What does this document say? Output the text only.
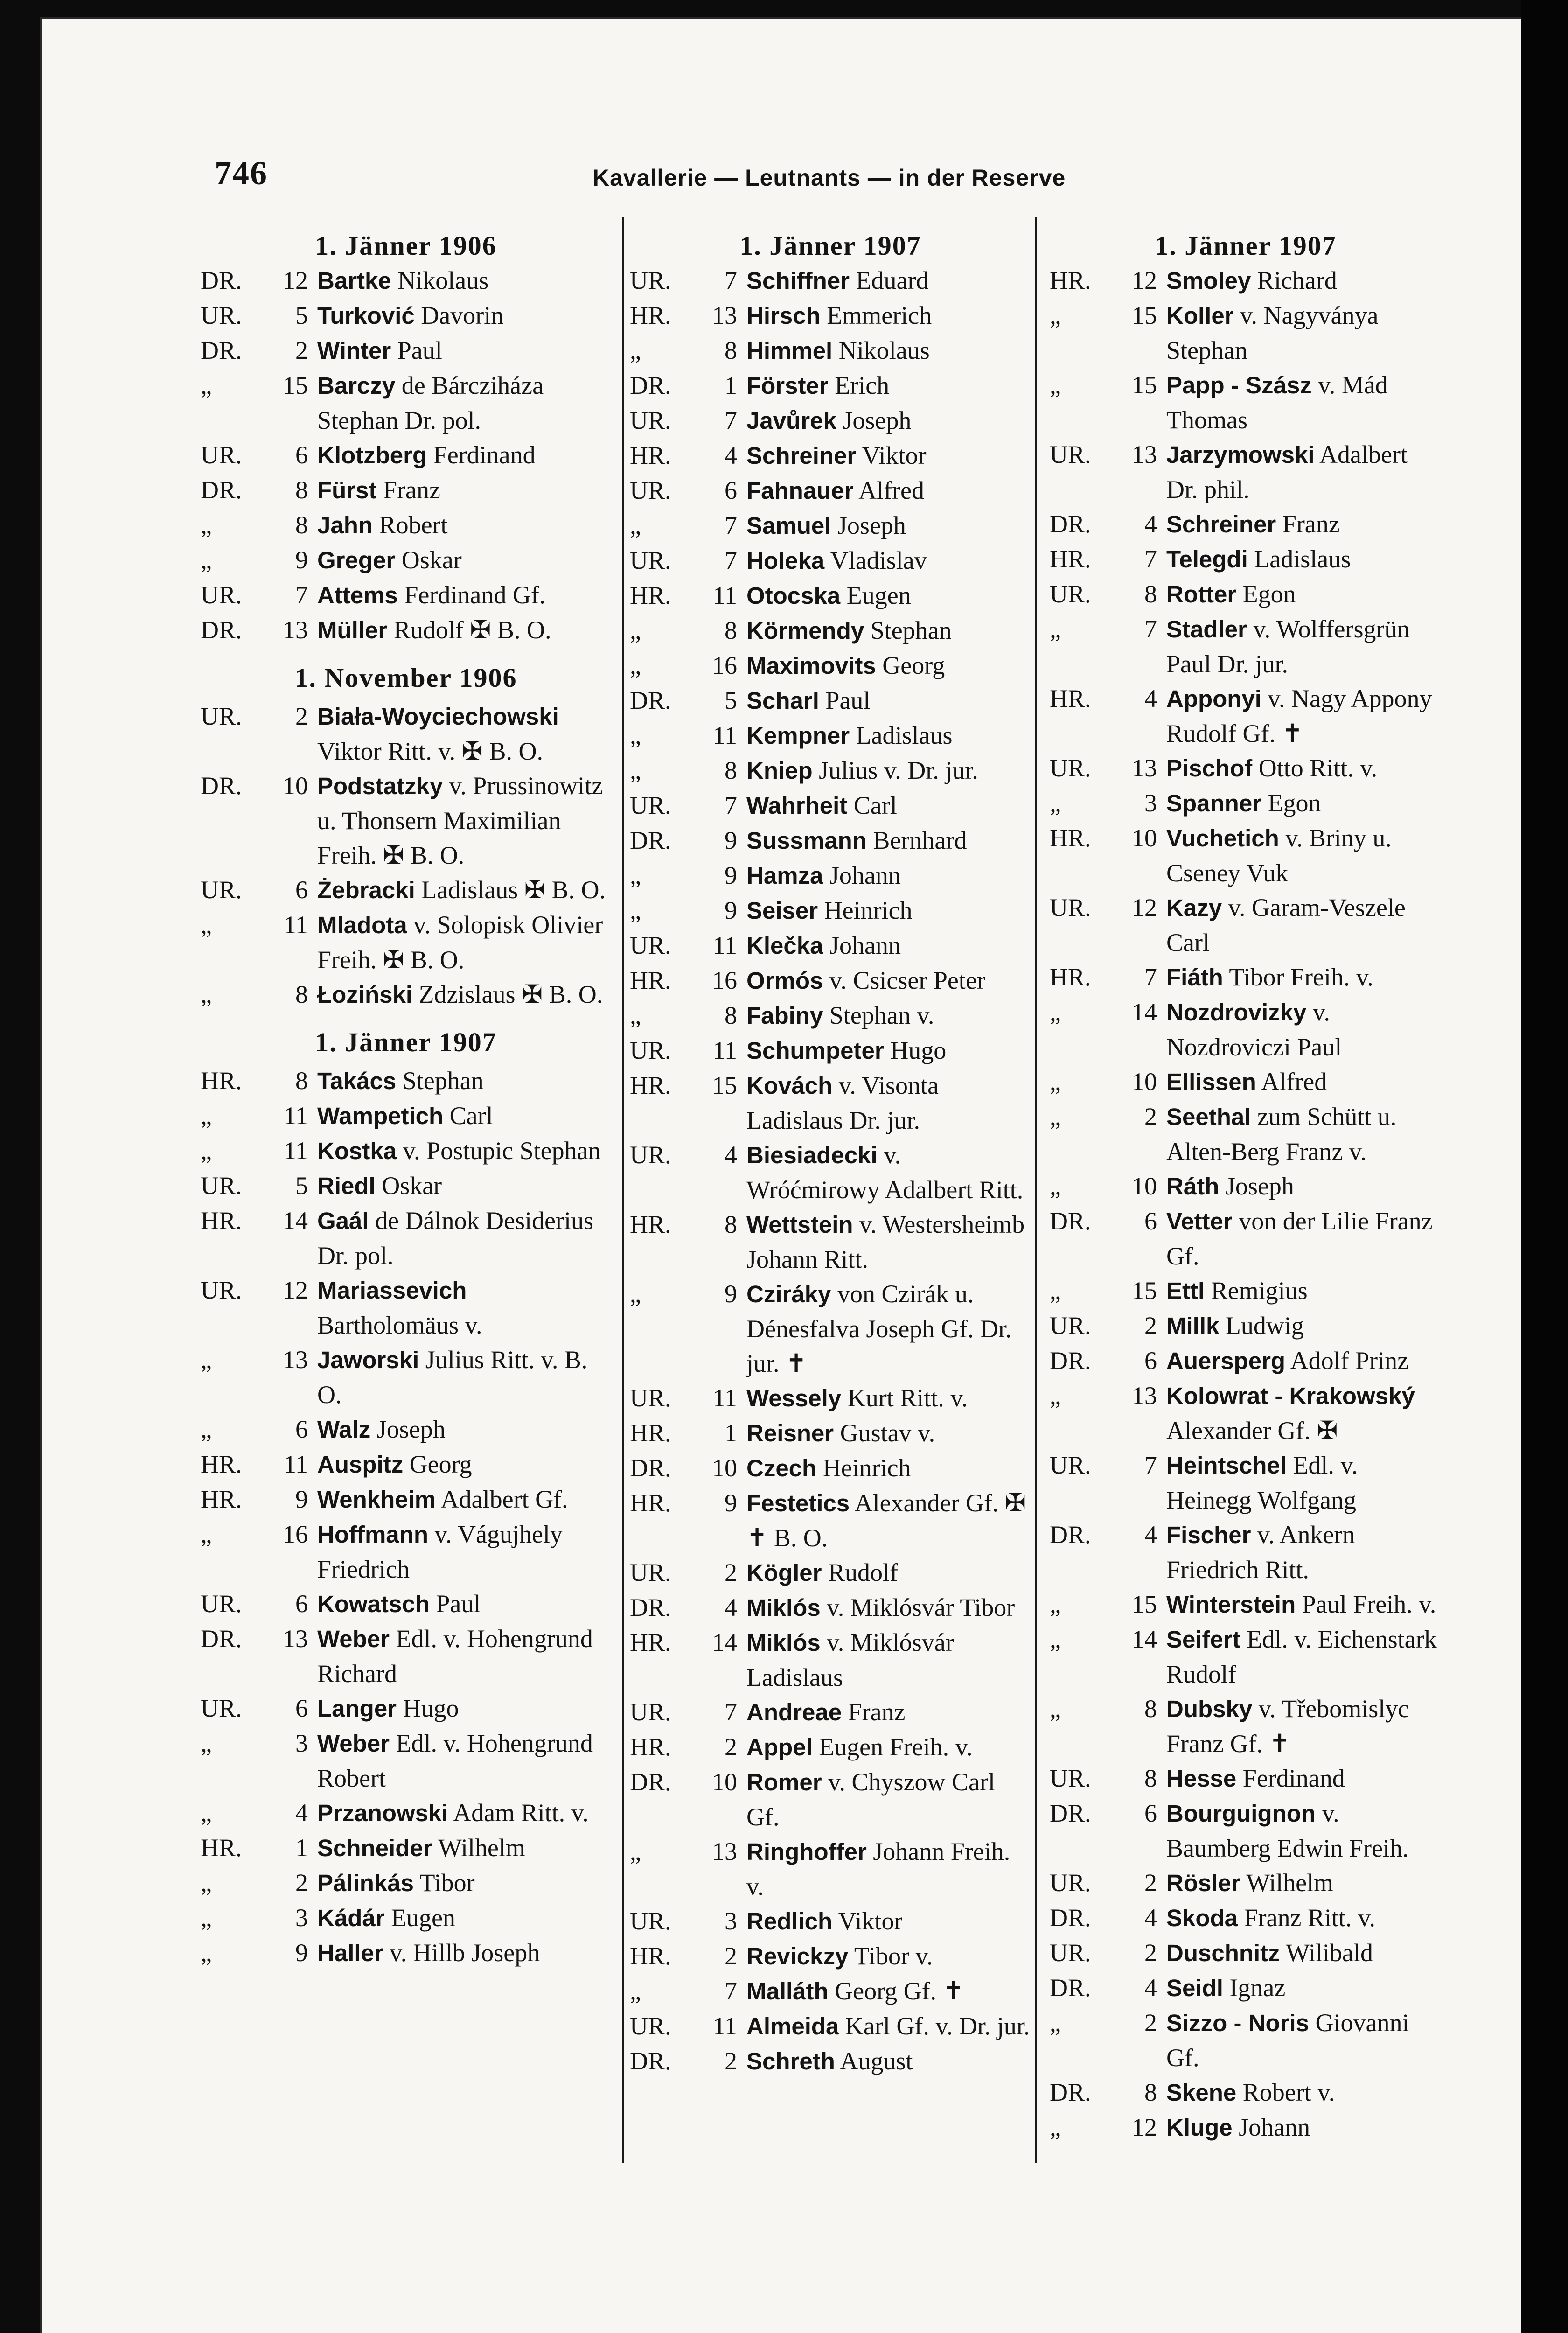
746	Kavallerie — Leutnants — in der Reserve
1. Jänner 1906
DR.	12 Bartke Nikolaus
UR.	5 Turković Davorin
DR.	2 Winter Paul
„	15 Barczy de Bárcziháza Stephan Dr. pol.
UR.	6 Klotzberg Ferdinand
DR.	8 Fürst Franz
„	8 Jahn Robert
„	9 Greger Oskar
UR.	7 Attems Ferdinand Gf.
DR.	13 Müller Rudolf ✠ B. O.
1. November 1906
UR.	2 Biała-Woyciechowski Viktor Ritt. v. ✠ B. O.
DR.	10 Podstatzky v. Prussinowitz u. Thonsern Maximilian Freih. ✠ B. O.
UR.	6 Żebracki Ladislaus ✠ B. O.
„	11 Mladota v. Solopisk Olivier Freih. ✠ B. O.
„	8 Łoziński Zdzislaus ✠ B. O.
1. Jänner 1907
HR.	8 Takács Stephan
„	11 Wampetich Carl
„	11 Kostka v. Postupic Stephan
UR.	5 Riedl Oskar
HR.	14 Gaál de Dálnok Desiderius Dr. pol.
UR.	12 Mariassevich Bartholomäus v.
„	13 Jaworski Julius Ritt. v. B. O.
„	6 Walz Joseph
HR.	11 Auspitz Georg
HR.	9 Wenkheim Adalbert Gf.
„	16 Hoffmann v. Vágujhely Friedrich
UR.	6 Kowatsch Paul
DR.	13 Weber Edl. v. Hohengrund Richard
UR.	6 Langer Hugo
„	3 Weber Edl. v. Hohengrund Robert
„	4 Przanowski Adam Ritt. v.
HR.	1 Schneider Wilhelm
„	2 Pálinkás Tibor
„	3 Kádár Eugen
„	9 Haller v. Hillb Joseph
1. Jänner 1907
UR.	7 Schiffner Eduard
HR.	13 Hirsch Emmerich
„	8 Himmel Nikolaus
DR.	1 Förster Erich
UR.	7 Javůrek Joseph
HR.	4 Schreiner Viktor
UR.	6 Fahnauer Alfred
„	7 Samuel Joseph
UR.	7 Holeka Vladislav
HR.	11 Otocska Eugen
„	8 Körmendy Stephan
„	16 Maximovits Georg
DR.	5 Scharl Paul
„	11 Kempner Ladislaus
„	8 Kniep Julius v. Dr. jur.
UR.	7 Wahrheit Carl
DR.	9 Sussmann Bernhard
„	9 Hamza Johann
„	9 Seiser Heinrich
UR.	11 Klečka Johann
HR.	16 Ormós v. Csicser Peter
„	8 Fabiny Stephan v.
UR.	11 Schumpeter Hugo
HR.	15 Kovách v. Visonta Ladislaus Dr. jur.
UR.	4 Biesiadecki v. Wróćmirowy Adalbert Ritt.
HR.	8 Wettstein v. Westersheimb Johann Ritt.
„	9 Cziráky von Czirák u. Dénesfalva Joseph Gf. Dr. jur. ✝
UR.	11 Wessely Kurt Ritt. v.
HR.	1 Reisner Gustav v.
DR.	10 Czech Heinrich
HR.	9 Festetics Alexander Gf. ✠ ✝ B. O.
UR.	2 Kögler Rudolf
DR.	4 Miklós v. Miklósvár Tibor
HR.	14 Miklós v. Miklósvár Ladislaus
UR.	7 Andreae Franz
HR.	2 Appel Eugen Freih. v.
DR.	10 Romer v. Chyszow Carl Gf.
„	13 Ringhoffer Johann Freih. v.
UR.	3 Redlich Viktor
HR.	2 Revickzy Tibor v.
„	7 Malláth Georg Gf. ✝
UR.	11 Almeida Karl Gf. v. Dr. jur.
DR.	2 Schreth August
1. Jänner 1907
HR.	12 Smoley Richard
„	15 Koller v. Nagyványa Stephan
„	15 Papp - Szász v. Mád Thomas
UR.	13 Jarzymowski Adalbert Dr. phil.
DR.	4 Schreiner Franz
HR.	7 Telegdi Ladislaus
UR.	8 Rotter Egon
„	7 Stadler v. Wolffersgrün Paul Dr. jur.
HR.	4 Apponyi v. Nagy Appony Rudolf Gf. ✝
UR.	13 Pischof Otto Ritt. v.
„	3 Spanner Egon
HR.	10 Vuchetich v. Briny u. Cseney Vuk
UR.	12 Kazy v. Garam-Veszele Carl
HR.	7 Fiáth Tibor Freih. v.
„	14 Nozdrovizky v. Nozdroviczi Paul
„	10 Ellissen Alfred
„	2 Seethal zum Schütt u. Alten-Berg Franz v.
„	10 Ráth Joseph
DR.	6 Vetter von der Lilie Franz Gf.
„	15 Ettl Remigius
UR.	2 Millk Ludwig
DR.	6 Auersperg Adolf Prinz
„	13 Kolowrat - Krakowský Alexander Gf. ✠
UR.	7 Heintschel Edl. v. Heinegg Wolfgang
DR.	4 Fischer v. Ankern Friedrich Ritt.
„	15 Winterstein Paul Freih. v.
„	14 Seifert Edl. v. Eichenstark Rudolf
„	8 Dubsky v. Třebomislyc Franz Gf. ✝
UR.	8 Hesse Ferdinand
DR.	6 Bourguignon v. Baumberg Edwin Freih.
UR.	2 Rösler Wilhelm
DR.	4 Skoda Franz Ritt. v.
UR.	2 Duschnitz Wilibald
DR.	4 Seidl Ignaz
„	2 Sizzo - Noris Giovanni Gf.
DR.	8 Skene Robert v.
„	12 Kluge Johann
